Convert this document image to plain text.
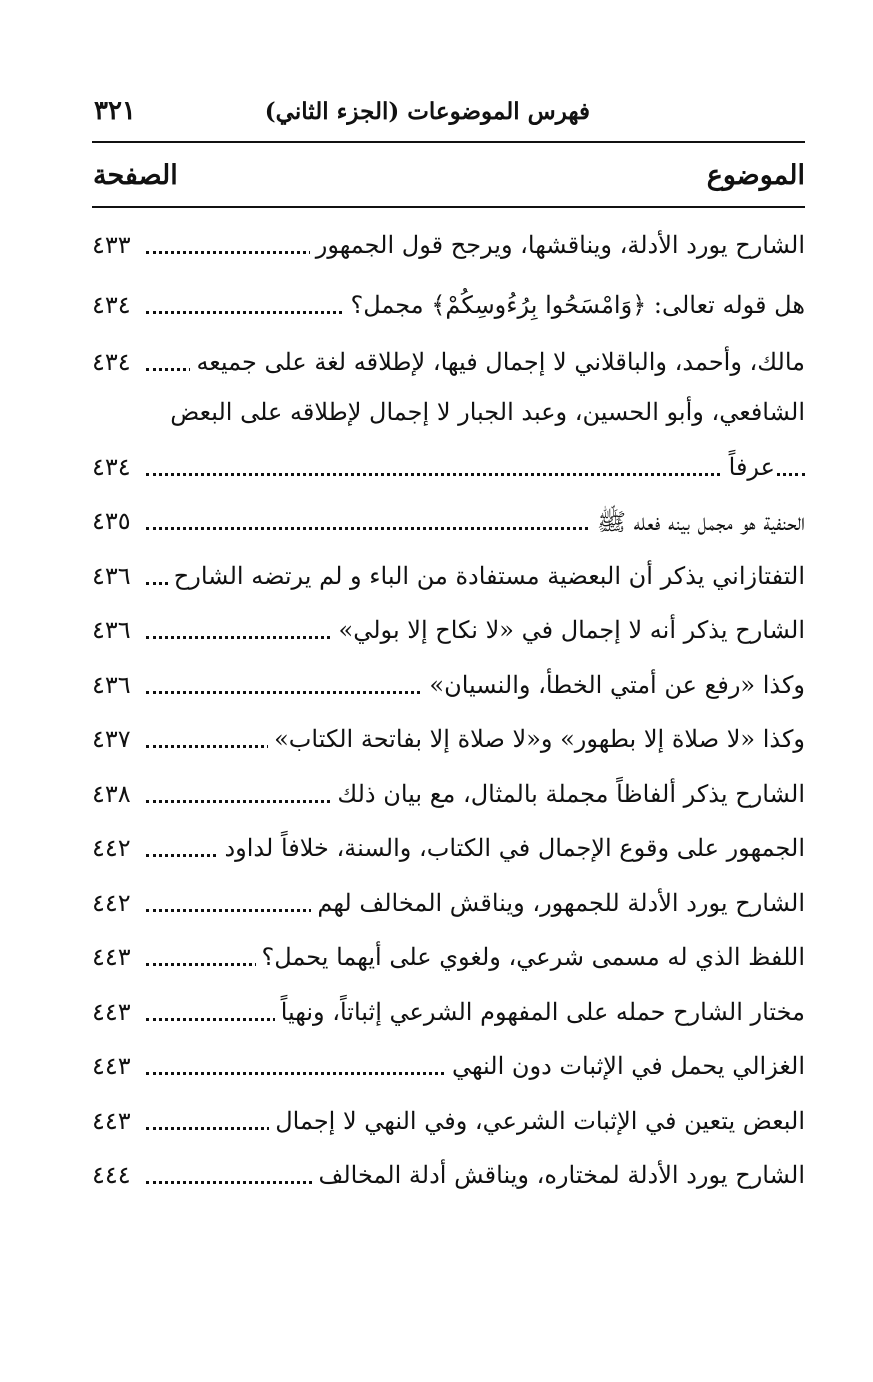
فهرس الموضوعات (الجزء الثاني)
٣٢١
الموضوع
الصفحة
الشارح يورد الأدلة، ويناقشها، ويرجح قول الجمهور
٤٣٣
هل قوله تعالى: ﴿وَامْسَحُوا بِرُءُوسِكُمْ﴾ مجمل؟
٤٣٤
مالك، وأحمد، والباقلاني لا إجمال فيها، لإطلاقه لغة على جميعه
٤٣٤
الشافعي، وأبو الحسين، وعبد الجبار لا إجمال لإطلاقه على البعض
عرفاً
٤٣٤
الحنفية هو مجمل بينه فعله ﷺ
٤٣٥
التفتازاني يذكر أن البعضية مستفادة من الباء و لم يرتضه الشارح
٤٣٦
الشارح يذكر أنه لا إجمال في «لا نكاح إلا بولي»
٤٣٦
وكذا «رفع عن أمتي الخطأ، والنسيان»
٤٣٦
وكذا «لا صلاة إلا بطهور» و«لا صلاة إلا بفاتحة الكتاب»
٤٣٧
الشارح يذكر ألفاظاً مجملة بالمثال، مع بيان ذلك
٤٣٨
الجمهور على وقوع الإجمال في الكتاب، والسنة، خلافاً لداود
٤٤٢
الشارح يورد الأدلة للجمهور، ويناقش المخالف لهم
٤٤٢
اللفظ الذي له مسمى شرعي، ولغوي على أيهما يحمل؟
٤٤٣
مختار الشارح حمله على المفهوم الشرعي إثباتاً، ونهياً
٤٤٣
الغزالي يحمل في الإثبات دون النهي
٤٤٣
البعض يتعين في الإثبات الشرعي، وفي النهي لا إجمال
٤٤٣
الشارح يورد الأدلة لمختاره، ويناقش أدلة المخالف
٤٤٤
